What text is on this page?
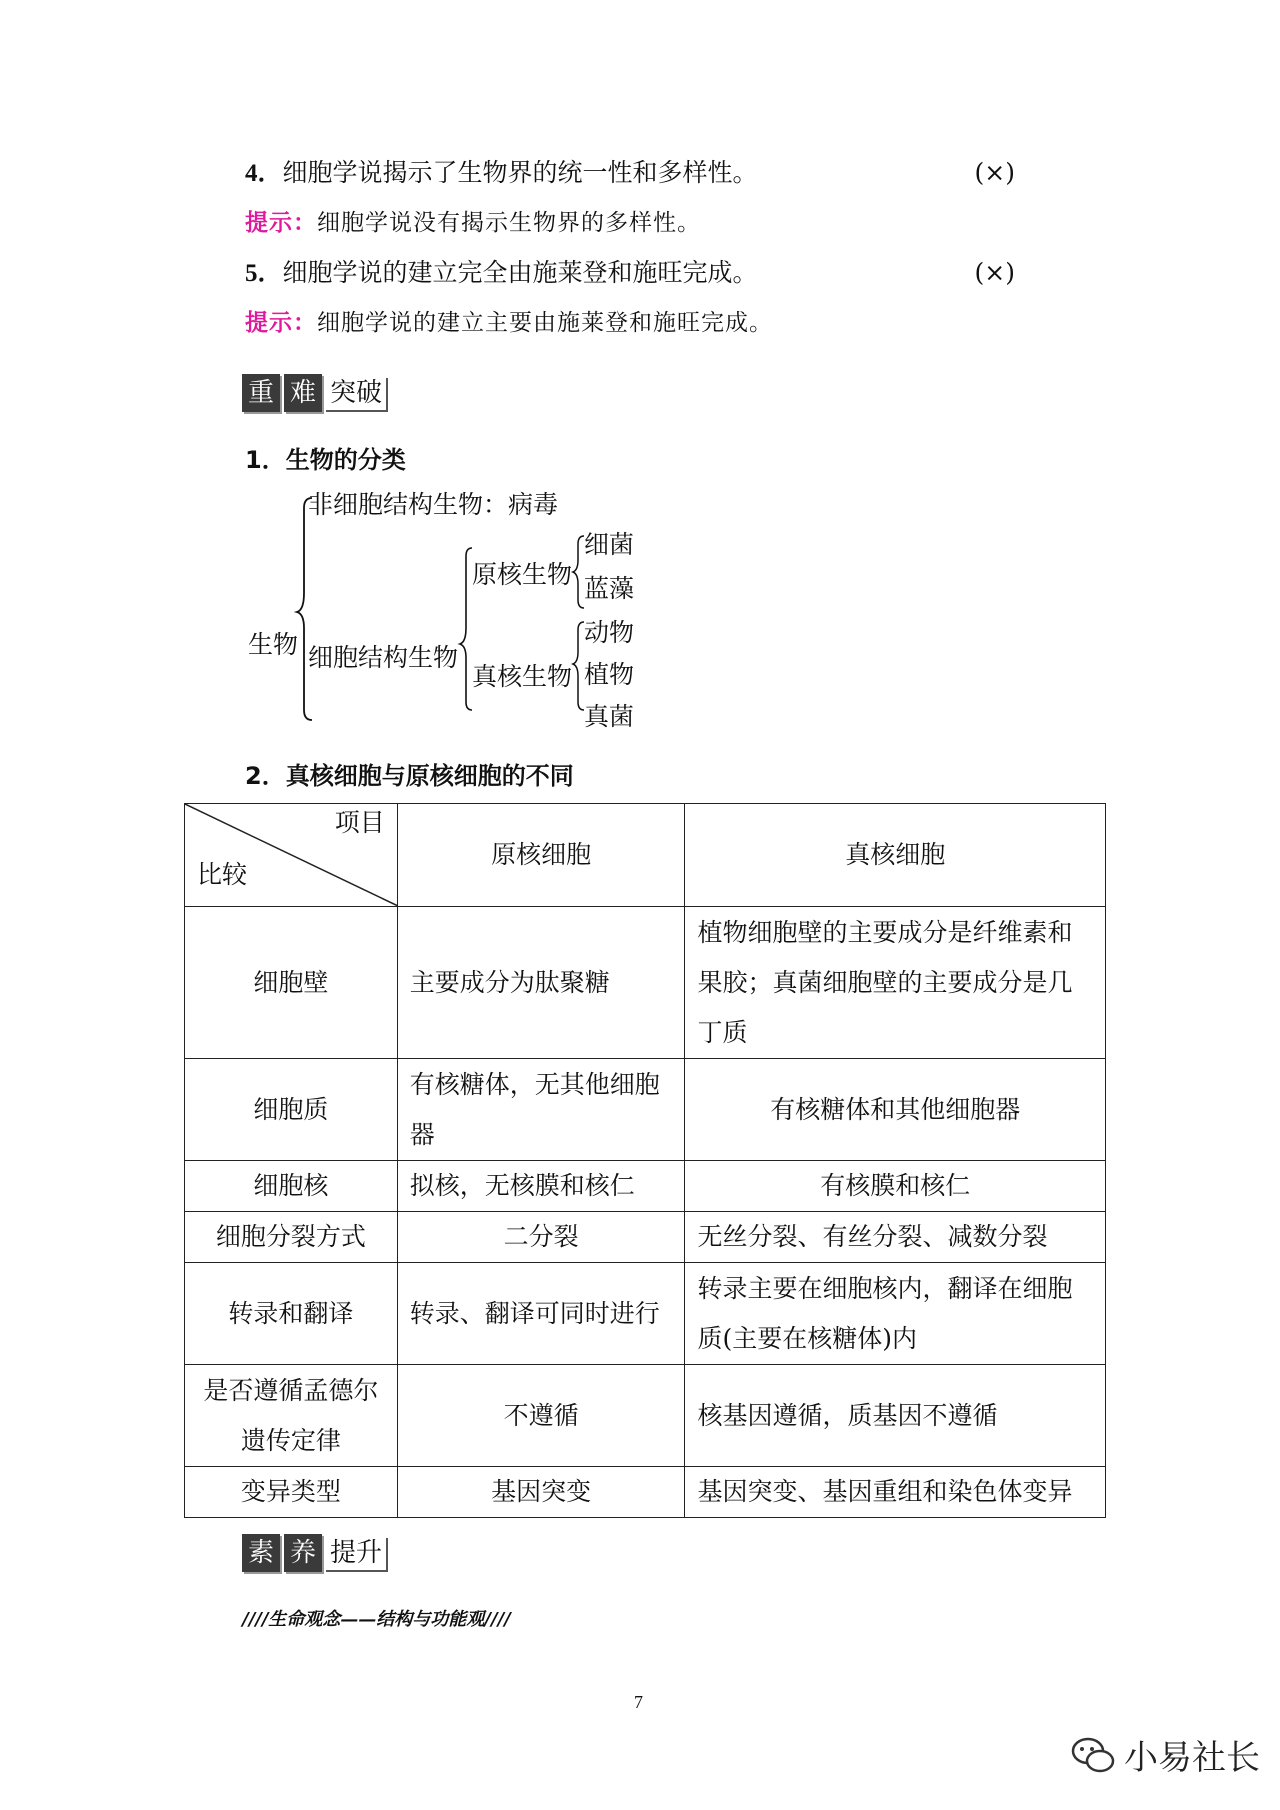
4．细胞学说揭示了生物界的统一性和多样性。	(×)
提示：细胞学说没有揭示生物界的多样性。
5．细胞学说的建立完全由施莱登和施旺完成。	(×)
提示：细胞学说的建立主要由施莱登和施旺完成。
重 难 突破
1．生物的分类
生物
非细胞结构生物：病毒
细胞结构生物
原核生物
细菌
蓝藻
真核生物
动物
植物
真菌
2．真核细胞与原核细胞的不同
项目
比较	原核细胞	真核细胞
细胞壁	主要成分为肽聚糖	植物细胞壁的主要成分是纤维素和果胶；真菌细胞壁的主要成分是几丁质
细胞质	有核糖体，无其他细胞器	有核糖体和其他细胞器
细胞核	拟核，无核膜和核仁	有核膜和核仁
细胞分裂方式	二分裂	无丝分裂、有丝分裂、减数分裂
转录和翻译	转录、翻译可同时进行	转录主要在细胞核内，翻译在细胞质(主要在核糖体)内
是否遵循孟德尔遗传定律	不遵循	核基因遵循，质基因不遵循
变异类型	基因突变	基因突变、基因重组和染色体变异
素 养 提升
////生命观念——结构与功能观////
7
小易社长
